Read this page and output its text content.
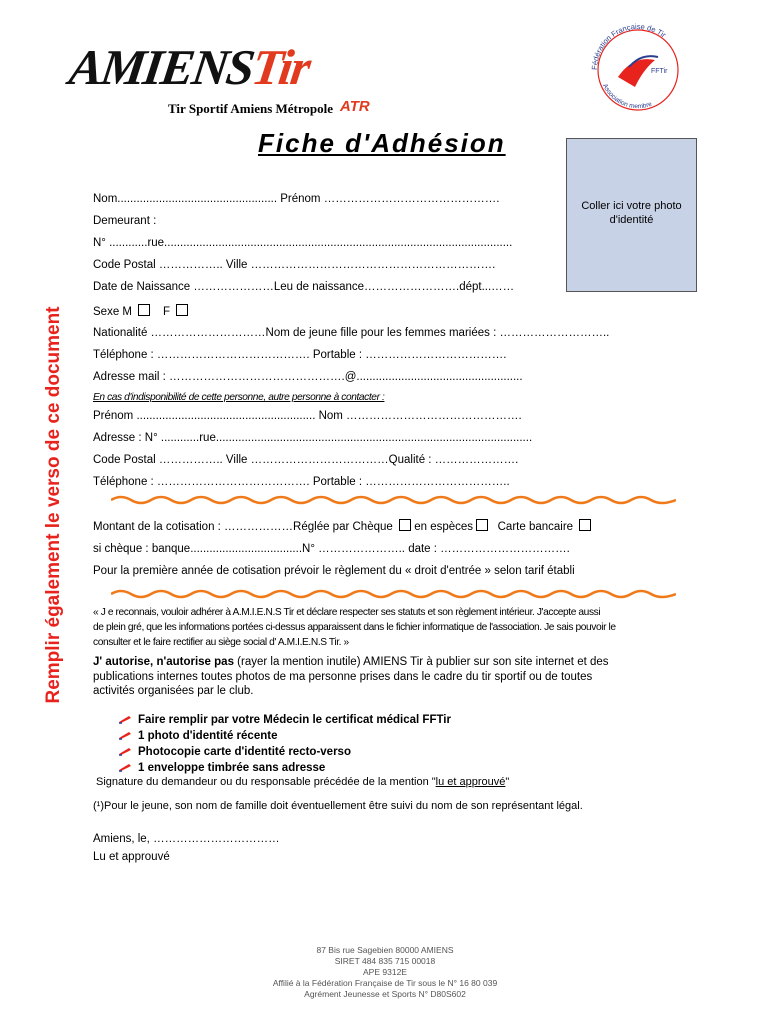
AMIENSTir
Tir Sportif Amiens Métropole ATR
FFTir
Fédération Française de Tir
Association membre
Fiche d'Adhésion
Coller ici votre photo d'identité
Remplir également le verso de ce document
Nom.................................................. Prénom ……………………………………….
Demeurant :
N° ............rue.............................................................................................................
Code Postal …………….. Ville ……………………………………………………….
Date de Naissance …………………Leu de naissance…………………….dépt...……
Sexe M	F
Nationalité …………………………Nom de jeune fille pour les femmes mariées : ………………………..
Téléphone : …………………………………. Portable : ……………………………….
Adresse mail : ……………………………………….@....................................................
En cas d'indisponibilité de cette personne, autre personne à contacter :
Prénom ........................................................ Nom ……………………………………….
Adresse : N° ............rue...................................................................................................
Code Postal …………….. Ville ………………………………Qualité : ………………….
Téléphone : …………………………………. Portable : ………………………………..
Montant de la cotisation : ………………Réglée par Chèque en espèces Carte bancaire
si chèque : banque...................................N° ………………….. date : …………………………….
Pour la première année de cotisation prévoir le règlement du « droit d'entrée » selon tarif établi
« J e reconnais, vouloir adhérer à A.M.I.E.N.S Tir et déclare respecter ses statuts et son règlement intérieur. J'accepte aussi
de plein gré, que les informations portées ci-dessus apparaissent dans le fichier informatique de l'association. Je sais pouvoir le
consulter et le faire rectifier au siège social d' A.M.I.E.N.S Tir. »
J' autorise, n'autorise pas (rayer la mention inutile) AMIENS Tir à publier sur son site internet et des
publications internes toutes photos de ma personne prises dans le cadre du tir sportif ou de toutes
activités organisées par le club.
Faire remplir par votre Médecin le certificat médical FFTir
1 photo d'identité récente
Photocopie carte d'identité recto-verso
1 enveloppe timbrée sans adresse
Signature du demandeur ou du responsable précédée de la mention "lu et approuvé"
(¹)Pour le jeune, son nom de famille doit éventuellement être suivi du nom de son représentant légal.
Amiens, le, ……………………………
Lu et approuvé
87 Bis rue Sagebien 80000 AMIENS
SIRET 484 835 715 00018
APE 9312E
Affilié à la Fédération Française de Tir sous le N° 16 80 039
Agrément Jeunesse et Sports N° D80S602
